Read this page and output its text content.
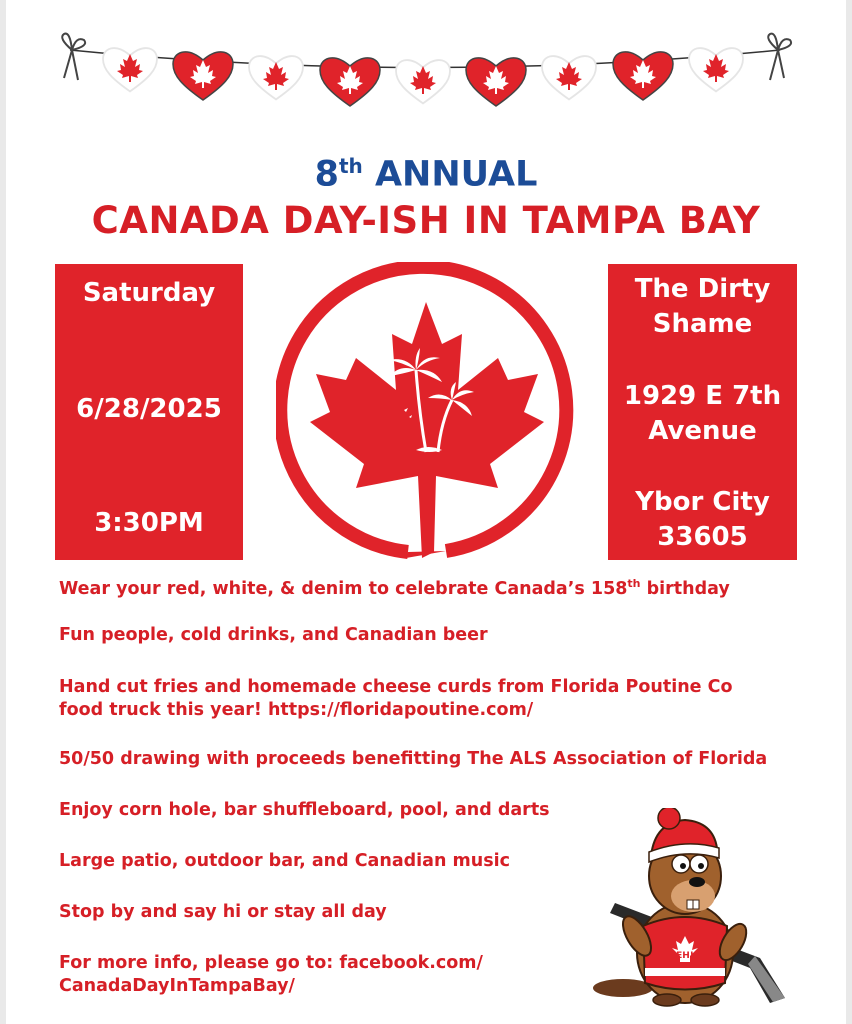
8th ANNUAL
CANADA DAY-ISH IN TAMPA BAY
Saturday
6/28/2025
3:30PM
The Dirty
Shame
1929 E 7th
Avenue
Ybor City
33605
Wear your red, white, & denim to celebrate Canada’s 158th birthday
Fun people, cold drinks, and Canadian beer
Hand cut fries and homemade cheese curds from Florida Poutine Co
food truck this year! https://floridapoutine.com/
50/50 drawing with proceeds benefitting The ALS Association of Florida
Enjoy corn hole, bar shuffleboard, pool, and darts
Large patio, outdoor bar, and Canadian music
Stop by and say hi or stay all day
For more info, please go to: facebook.com/
CanadaDayInTampaBay/
EH!
